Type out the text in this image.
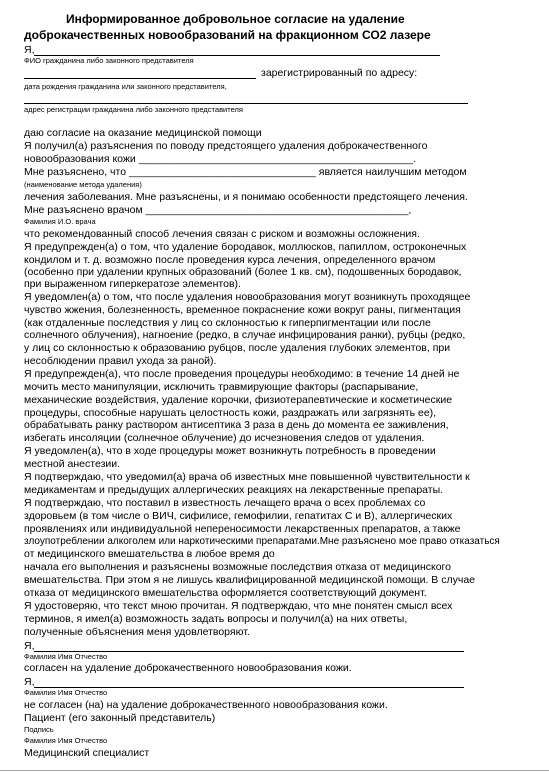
Информированное добровольное согласие на удаление
доброкачественных новообразований на фракционном СО2 лазере
Я,
ФИО гражданина либо законного представителя
зарегистрированный по адресу:
дата рождения гражданина или законного представителя,
адрес регистрации гражданина либо законного представителя
даю согласие на оказание медицинской помощи
Я получил(а) разъяснения по поводу предстоящего удаления доброкачественного
новообразования кожи _______________________________________________.
Мне разъяснено, что ________________________________ является наилучшим методом
(наименование метода удаления)
лечения заболевания. Мне разъяснены, и я понимаю особенности предстоящего лечения.
Мне разъяснено врачом _____________________________________________,
Фамилия И.О. врача
что рекомендованный способ лечения связан с риском и возможны осложнения.
Я предупрежден(а) о том, что удаление бородавок, моллюсков, папиллом, остроконечных
кондилом и т. д. возможно после проведения курса лечения, определенного врачом
(особенно при удалении крупных образований (более 1 кв. см), подошвенных бородавок,
при выраженном гиперкератозе элементов).
Я уведомлен(а) о том, что после удаления новообразования могут возникнуть проходящее
чувство жжения, болезненность, временное покраснение кожи вокруг раны, пигментация
(как отдаленные последствия у лиц со склонностью к гиперпигментации или после
солнечного облучения), нагноение (редко, в случае инфицирования ранки), рубцы (редко,
у лиц со склонностью к образованию рубцов, после удаления глубоких элементов, при
несоблюдении правил ухода за раной).
Я предупрежден(а), что после проведения процедуры необходимо: в течение 14 дней не
мочить место манипуляции, исключить травмирующие факторы (распарывание,
механические воздействия, удаление корочки, физиотерапевтические и косметические
процедуры, способные нарушать целостность кожи, раздражать или загрязнять ее),
обрабатывать ранку раствором антисептика 3 раза в день до момента ее заживления,
избегать инсоляции (солнечное облучение) до исчезновения следов от удаления.
Я уведомлен(а), что в ходе процедуры может возникнуть потребность в проведении
местной анестезии.
Я подтверждаю, что уведомил(а) врача об известных мне повышенной чувствительности к
медикаментам и предыдущих аллергических реакциях на лекарственные препараты.
Я подтверждаю, что поставил в известность лечащего врача о всех проблемах со
здоровьем (в том числе о ВИЧ, сифилисе, гемофилии, гепатитах С и В), аллергических
проявлениях или индивидуальной непереносимости лекарственных препаратов, а также
злоупотреблении алкоголем или наркотическими препаратами.Мне разъяснено мое право отказаться
от медицинского вмешательства в любое время до
начала его выполнения и разъяснены возможные последствия отказа от медицинского
вмешательства. При этом я не лишусь квалифицированной медицинской помощи. В случае
отказа от медицинского вмешательства оформляется соответствующий документ.
Я удостоверяю, что текст мною прочитан. Я подтверждаю, что мне понятен смысл всех
терминов, я имел(а) возможность задать вопросы и получил(а) на них ответы,
полученные объяснения меня удовлетворяют.
Я,
Фамилия Имя Отчество
согласен на удаление доброкачественного новообразования кожи.
Я,
Фамилия Имя Отчество
не согласен (на) на удаление доброкачественного новообразования кожи.
Пациент (его законный представитель)
Подпись
Фамилия Имя Отчество
Медицинский специалист
